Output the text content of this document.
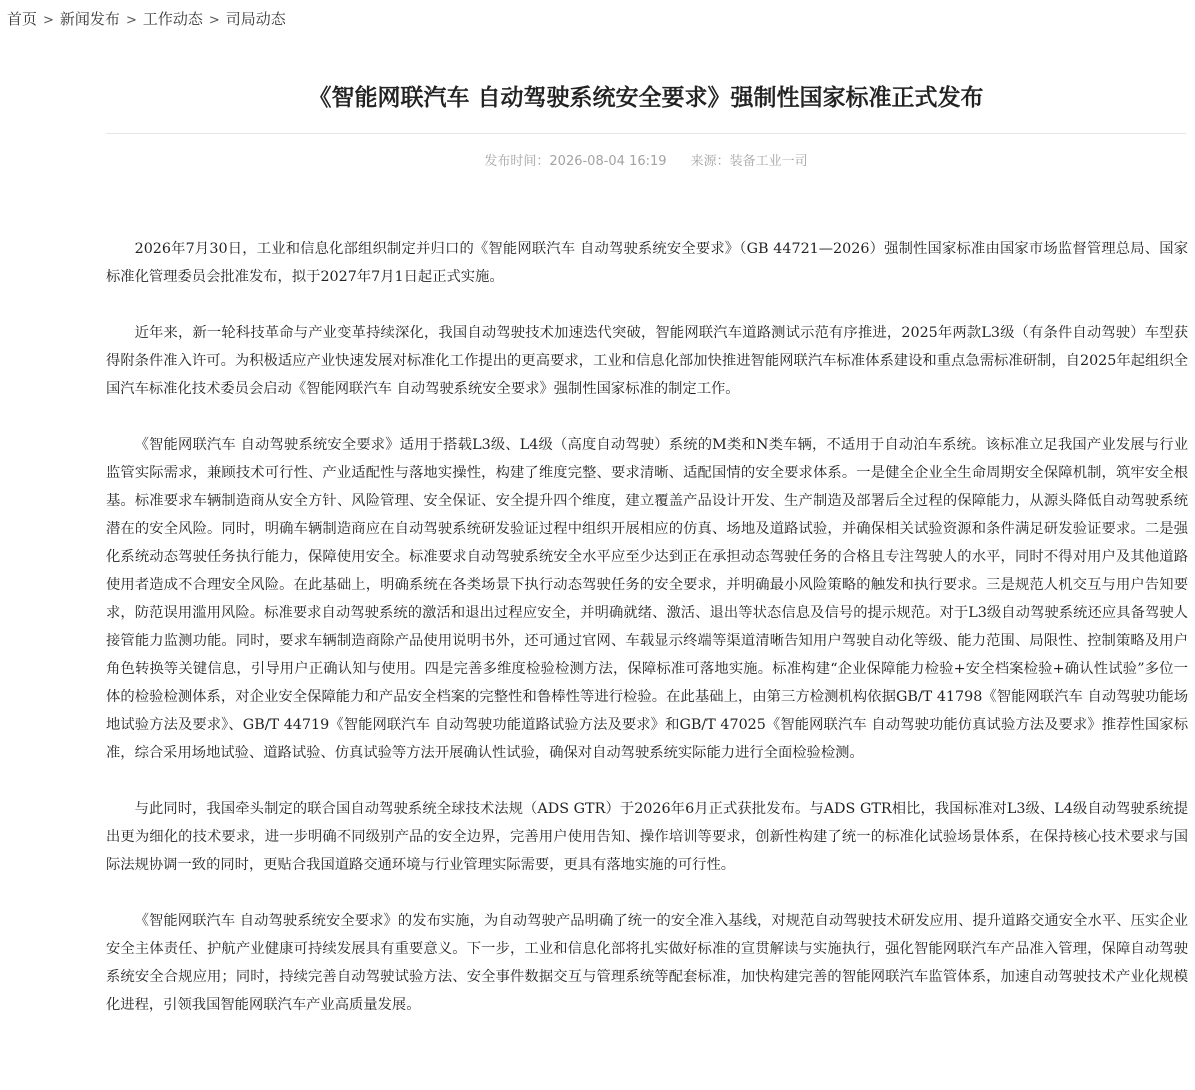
首页 > 新闻发布 > 工作动态 > 司局动态
《智能网联汽车 自动驾驶系统安全要求》强制性国家标准正式发布
发布时间：2026-08-04 16:19 来源：装备工业一司

2026年7月30日，工业和信息化部组织制定并归口的《智能网联汽车 自动驾驶系统安全要求》（GB 44721—2026）强制性国家标准由国家市场监督管理总局、国家标准化管理委员会批准发布，拟于2027年7月1日起正式实施。

近年来，新一轮科技革命与产业变革持续深化，我国自动驾驶技术加速迭代突破，智能网联汽车道路测试示范有序推进，2025年两款L3级（有条件自动驾驶）车型获得附条件准入许可。为积极适应产业快速发展对标准化工作提出的更高要求，工业和信息化部加快推进智能网联汽车标准体系建设和重点急需标准研制，自2025年起组织全国汽车标准化技术委员会启动《智能网联汽车 自动驾驶系统安全要求》强制性国家标准的制定工作。

《智能网联汽车 自动驾驶系统安全要求》适用于搭载L3级、L4级（高度自动驾驶）系统的M类和N类车辆，不适用于自动泊车系统。该标准立足我国产业发展与行业监管实际需求，兼顾技术可行性、产业适配性与落地实操性，构建了维度完整、要求清晰、适配国情的安全要求体系。一是健全企业全生命周期安全保障机制，筑牢安全根基。标准要求车辆制造商从安全方针、风险管理、安全保证、安全提升四个维度，建立覆盖产品设计开发、生产制造及部署后全过程的保障能力，从源头降低自动驾驶系统潜在的安全风险。同时，明确车辆制造商应在自动驾驶系统研发验证过程中组织开展相应的仿真、场地及道路试验，并确保相关试验资源和条件满足研发验证要求。二是强化系统动态驾驶任务执行能力，保障使用安全。标准要求自动驾驶系统安全水平应至少达到正在承担动态驾驶任务的合格且专注驾驶人的水平，同时不得对用户及其他道路使用者造成不合理安全风险。在此基础上，明确系统在各类场景下执行动态驾驶任务的安全要求，并明确最小风险策略的触发和执行要求。三是规范人机交互与用户告知要求，防范误用滥用风险。标准要求自动驾驶系统的激活和退出过程应安全，并明确就绪、激活、退出等状态信息及信号的提示规范。对于L3级自动驾驶系统还应具备驾驶人接管能力监测功能。同时，要求车辆制造商除产品使用说明书外，还可通过官网、车载显示终端等渠道清晰告知用户驾驶自动化等级、能力范围、局限性、控制策略及用户角色转换等关键信息，引导用户正确认知与使用。四是完善多维度检验检测方法，保障标准可落地实施。标准构建“企业保障能力检验+安全档案检验+确认性试验”多位一体的检验检测体系，对企业安全保障能力和产品安全档案的完整性和鲁棒性等进行检验。在此基础上，由第三方检测机构依据GB/T 41798《智能网联汽车 自动驾驶功能场地试验方法及要求》、GB/T 44719《智能网联汽车 自动驾驶功能道路试验方法及要求》和GB/T 47025《智能网联汽车 自动驾驶功能仿真试验方法及要求》推荐性国家标准，综合采用场地试验、道路试验、仿真试验等方法开展确认性试验，确保对自动驾驶系统实际能力进行全面检验检测。

与此同时，我国牵头制定的联合国自动驾驶系统全球技术法规（ADS GTR）于2026年6月正式获批发布。与ADS GTR相比，我国标准对L3级、L4级自动驾驶系统提出更为细化的技术要求，进一步明确不同级别产品的安全边界，完善用户使用告知、操作培训等要求，创新性构建了统一的标准化试验场景体系，在保持核心技术要求与国际法规协调一致的同时，更贴合我国道路交通环境与行业管理实际需要，更具有落地实施的可行性。

《智能网联汽车 自动驾驶系统安全要求》的发布实施，为自动驾驶产品明确了统一的安全准入基线，对规范自动驾驶技术研发应用、提升道路交通安全水平、压实企业安全主体责任、护航产业健康可持续发展具有重要意义。下一步，工业和信息化部将扎实做好标准的宣贯解读与实施执行，强化智能网联汽车产品准入管理，保障自动驾驶系统安全合规应用；同时，持续完善自动驾驶试验方法、安全事件数据交互与管理系统等配套标准，加快构建完善的智能网联汽车监管体系，加速自动驾驶技术产业化规模化进程，引领我国智能网联汽车产业高质量发展。
